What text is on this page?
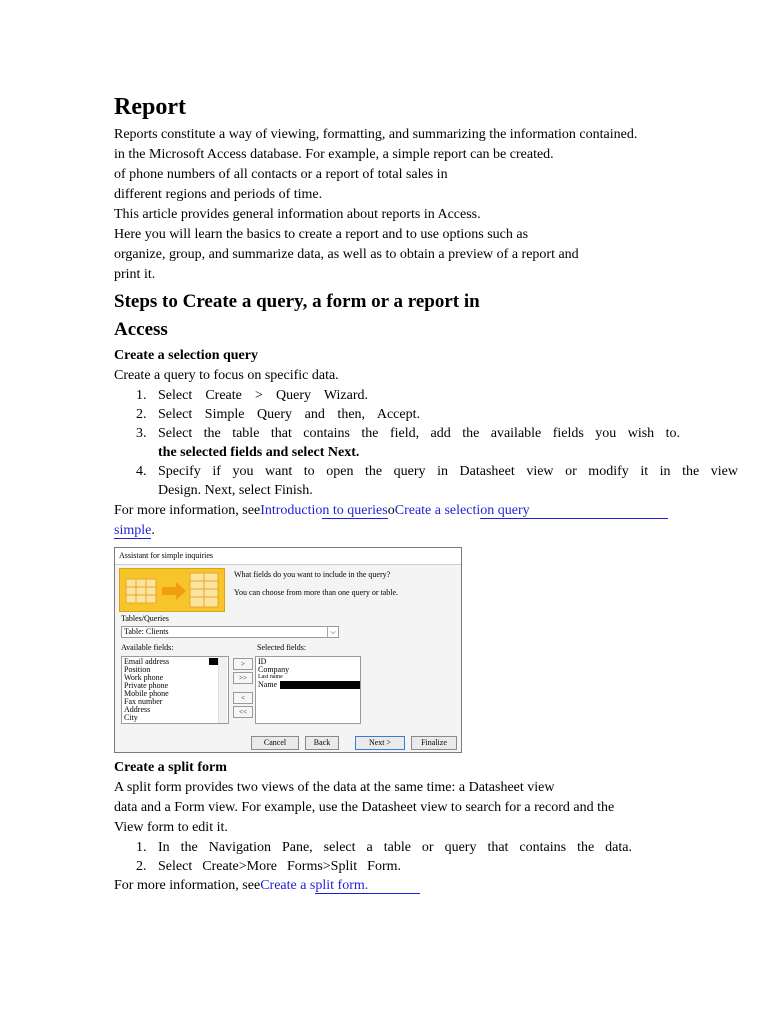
Report

Reports constitute a way of viewing, formatting, and summarizing the information contained.

in the Microsoft Access database. For example, a simple report can be created.

of phone numbers of all contacts or a report of total sales in

different regions and periods of time.

This article provides general information about reports in Access.

Here you will learn the basics to create a report and to use options such as

organize, group, and summarize data, as well as to obtain a preview of a report and

print it.

Steps to Create a query, a form or a report in
Access
Create a selection query

Create a query to focus on specific data.

1. Select Create > Query Wizard.
2. Select Simple Query and then, Accept.
3. Select the table that contains the field, add the available fields you wish to.
the selected fields and select Next.
4. Specify if you want to open the query in Datasheet view or modify it in the view
Design. Next, select Finish.
For more information, seeIntroduction to queriesoCreate a selection query
simple.
Assistant for simple inquiries
What fields do you want to include in the query?
You can choose from more than one query or table.
Tables/Queries
Table: Clients	⌵
Available fields:	Selected fields:
Email address
Position
Work phone
Private phone
Mobile phone
Fax number
Address
City
>
>>
<
<<
ID
Company
Last name
Name
Cancel	Back	Next >	Finalize
Create a split form

A split form provides two views of the data at the same time: a Datasheet view

data and a Form view. For example, use the Datasheet view to search for a record and the

View form to edit it.

1. In the Navigation Pane, select a table or query that contains the data.
2. Select Create>More Forms>Split Form.
For more information, seeCreate a split form.
